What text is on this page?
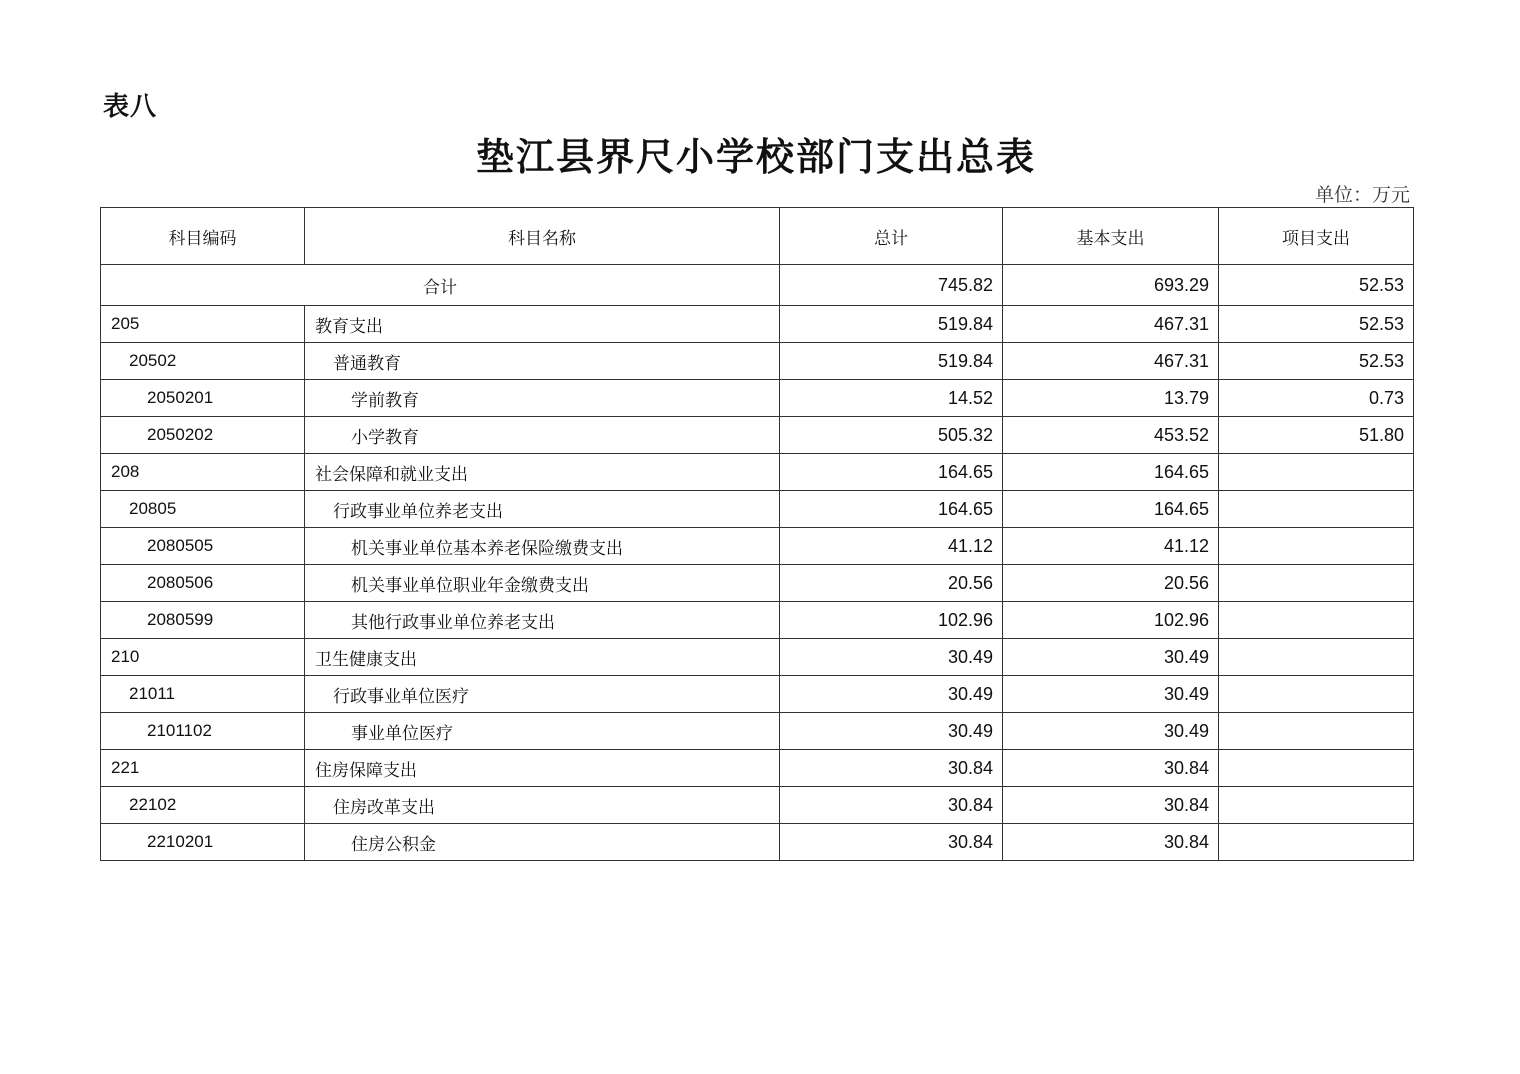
表八
垫江县界尺小学校部门支出总表
单位：万元
科目编码	科目名称	总计	基本支出	项目支出
合计		745.82	693.29	52.53
205	教育支出	519.84	467.31	52.53
20502	普通教育	519.84	467.31	52.53
2050201	学前教育	14.52	13.79	0.73
2050202	小学教育	505.32	453.52	51.80
208	社会保障和就业支出	164.65	164.65	
20805	行政事业单位养老支出	164.65	164.65	
2080505	机关事业单位基本养老保险缴费支出	41.12	41.12	
2080506	机关事业单位职业年金缴费支出	20.56	20.56	
2080599	其他行政事业单位养老支出	102.96	102.96	
210	卫生健康支出	30.49	30.49	
21011	行政事业单位医疗	30.49	30.49	
2101102	事业单位医疗	30.49	30.49	
221	住房保障支出	30.84	30.84	
22102	住房改革支出	30.84	30.84	
2210201	住房公积金	30.84	30.84	
